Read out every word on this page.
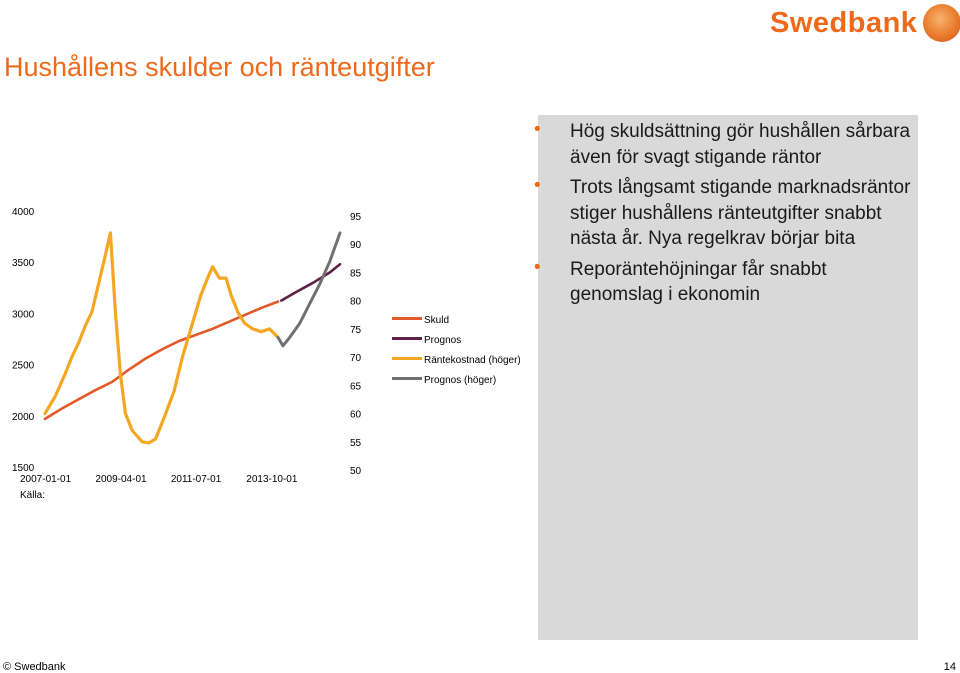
Hushållens skulder och ränteutgifter
Swedbank
4000
3500
3000
2500
2000
1500
95
90
85
80
75
70
65
60
55
50
2007-01-01 2009-04-01 2011-07-01	2013-10-01
Källa:
Skuld
Prognos
Räntekostnad (höger)
Prognos (höger)
• Hög skuldsättning gör hushållen sårbara även för svagt stigande räntor
• Trots långsamt stigande marknadsräntor stiger hushållens ränteutgifter snabbt nästa år. Nya regelkrav börjar bita
• Reporäntehöjningar får snabbt genomslag i ekonomin
© Swedbank	14
